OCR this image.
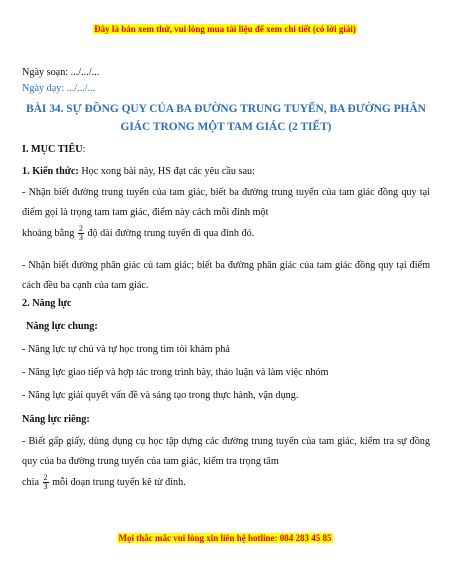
Đây là bản xem thử, vui lòng mua tài liệu để xem chi tiết (có lời giải)
Ngày soạn: .../.../...
Ngày dạy: .../.../...
BÀI 34. SỰ ĐỒNG QUY CỦA BA ĐƯỜNG TRUNG TUYẾN, BA ĐƯỜNG PHÂN GIÁC TRONG MỘT TAM GIÁC (2 TIẾT)
I. MỤC TIÊU:
1. Kiến thức: Học xong bài này, HS đạt các yêu cầu sau:
- Nhận biết đường trung tuyến của tam giác, biết ba đường trung tuyến của tam giác đồng quy tại điểm gọi là trọng tam tam giác, điểm này cách mỗi đỉnh một
khoảng bằng $\frac{2}{3}$ độ dài đường trung tuyến đi qua đỉnh đó.
- Nhận biết đường phân giác củ tam giác; biết ba đường phân giác của tam giác đồng quy tại điểm cách đều ba cạnh của tam giác.
2. Năng lực
Năng lực chung:
- Năng lực tự chủ và tự học trong tìm tòi khám phá
- Năng lực giao tiếp và hợp tác trong trình bày, thảo luận và làm việc nhóm
- Năng lực giải quyết vấn đề và sáng tạo trong thực hành, vận dụng.
Năng lực riêng:
- Biết gấp giấy, dùng dụng cụ học tập dựng các đường trung tuyến của tam giác, kiểm tra sự đồng quy của ba đường trung tuyến của tam giác, kiểm tra trọng tâm
chia $\frac{2}{3}$ mỗi đoạn trung tuyến kẽ từ đỉnh.
Mọi thắc mắc vui lòng xin liên hệ hotline: 084 283 45 85
